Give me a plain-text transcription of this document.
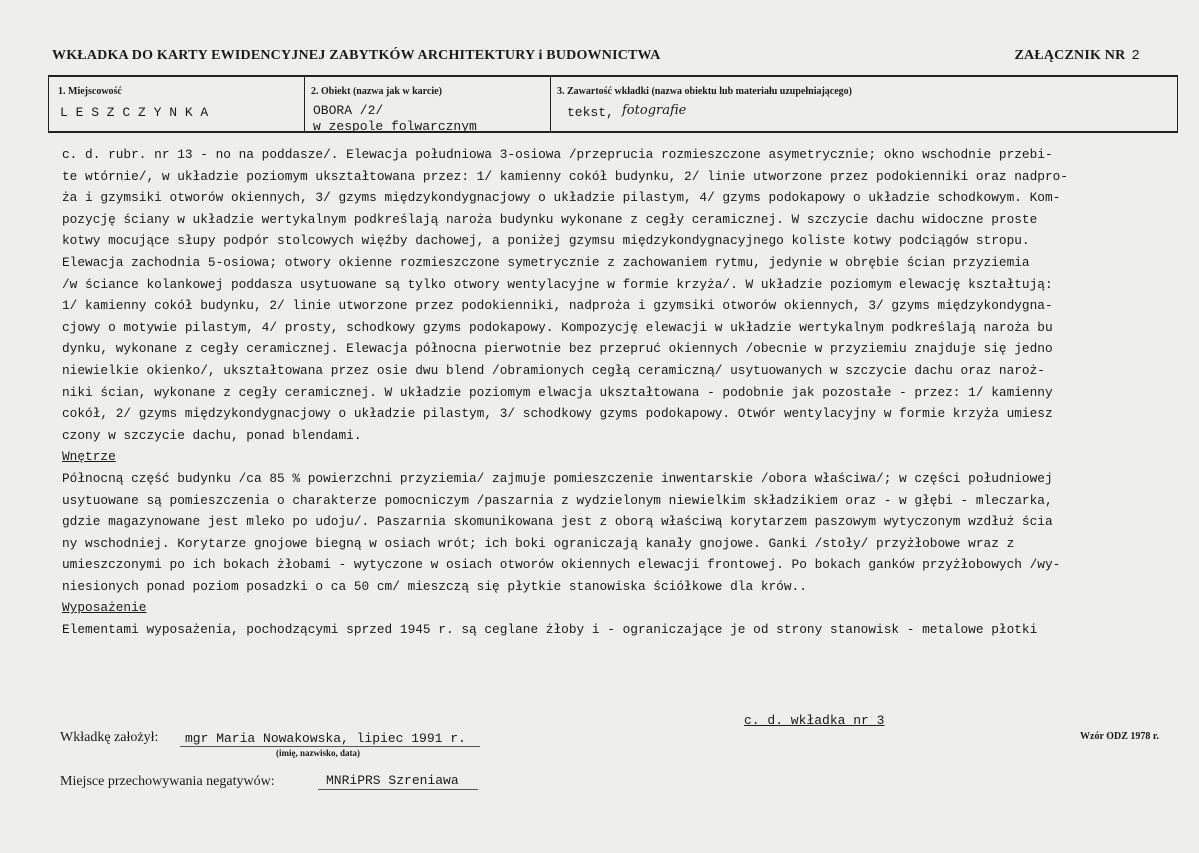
WKŁADKA DO KARTY EWIDENCYJNEJ ZABYTKÓW ARCHITEKTURY i BUDOWNICTWA	ZAŁĄCZNIK NR 2
1. Miejscowość
L E S Z C Z Y N K A
2. Obiekt (nazwa jak w karcie)
OBORA /2/
w zespole folwarcznym
3. Zawartość wkładki (nazwa obiektu lub materiału uzupełniającego)
tekst, fotografie
c. d. rubr. nr 13 - no na poddasze/. Elewacja południowa 3-osiowa /przeprucia rozmieszczone asymetrycznie; okno wschodnie przebi-
te wtórnie/, w układzie poziomym ukształtowana przez: 1/ kamienny cokół budynku, 2/ linie utworzone przez podokienniki oraz nadpro-
ża i gzymsiki otworów okiennych, 3/ gzyms międzykondygnacjowy o układzie pilastym, 4/ gzyms podokapowy o układzie schodkowym. Kom-
pozycję ściany w układzie wertykalnym podkreślają naroża budynku wykonane z cegły ceramicznej. W szczycie dachu widoczne proste
kotwy mocujące słupy podpór stolcowych więźby dachowej, a poniżej gzymsu międzykondygnacyjnego koliste kotwy podciągów stropu.
Elewacja zachodnia 5-osiowa; otwory okienne rozmieszczone symetrycznie z zachowaniem rytmu, jedynie w obrębie ścian przyziemia
/w ściance kolankowej poddasza usytuowane są tylko otwory wentylacyjne w formie krzyża/. W układzie poziomym elewację kształtują:
1/ kamienny cokół budynku, 2/ linie utworzone przez podokienniki, nadproża i gzymsiki otworów okiennych, 3/ gzyms międzykondygna-
cjowy o motywie pilastym, 4/ prosty, schodkowy gzyms podokapowy. Kompozycję elewacji w układzie wertykalnym podkreślają naroża bu
dynku, wykonane z cegły ceramicznej. Elewacja północna pierwotnie bez przepruć okiennych /obecnie w przyziemiu znajduje się jedno
niewielkie okienko/, ukształtowana przez osie dwu blend /obramionych cegłą ceramiczną/ usytuowanych w szczycie dachu oraz naroż-
niki ścian, wykonane z cegły ceramicznej. W układzie poziomym elwacja ukształtowana - podobnie jak pozostałe - przez: 1/ kamienny
cokół, 2/ gzyms międzykondygnacjowy o układzie pilastym, 3/ schodkowy gzyms podokapowy. Otwór wentylacyjny w formie krzyża umiesz
czony w szczycie dachu, ponad blendami.
Wnętrze
Północną część budynku /ca 85 % powierzchni przyziemia/ zajmuje pomieszczenie inwentarskie /obora właściwa/; w części południowej
usytuowane są pomieszczenia o charakterze pomocniczym /paszarnia z wydzielonym niewielkim składzikiem oraz - w głębi - mleczarka,
gdzie magazynowane jest mleko po udoju/. Paszarnia skomunikowana jest z oborą właściwą korytarzem paszowym wytyczonym wzdłuż ścia
ny wschodniej. Korytarze gnojowe biegną w osiach wrót; ich boki ograniczają kanały gnojowe. Ganki /stoły/ przyżłobowe wraz z
umieszczonymi po ich bokach żłobami - wytyczone w osiach otworów okiennych elewacji frontowej. Po bokach ganków przyżłobowych /wy-
niesionych ponad poziom posadzki o ca 50 cm/ mieszczą się płytkie stanowiska ściółkowe dla krów..
Wyposażenie
Elementami wyposażenia, pochodzącymi sprzed 1945 r. są ceglane żłoby i - ograniczające je od strony stanowisk - metalowe płotki
c. d. wkładka nr 3
Wkładkę założył: mgr Maria Nowakowska, lipiec 1991 r.
(imię, nazwisko, data)
Wzór ODZ 1978 r.
Miejsce przechowywania negatywów:	MNRiPRS Szreniawa
